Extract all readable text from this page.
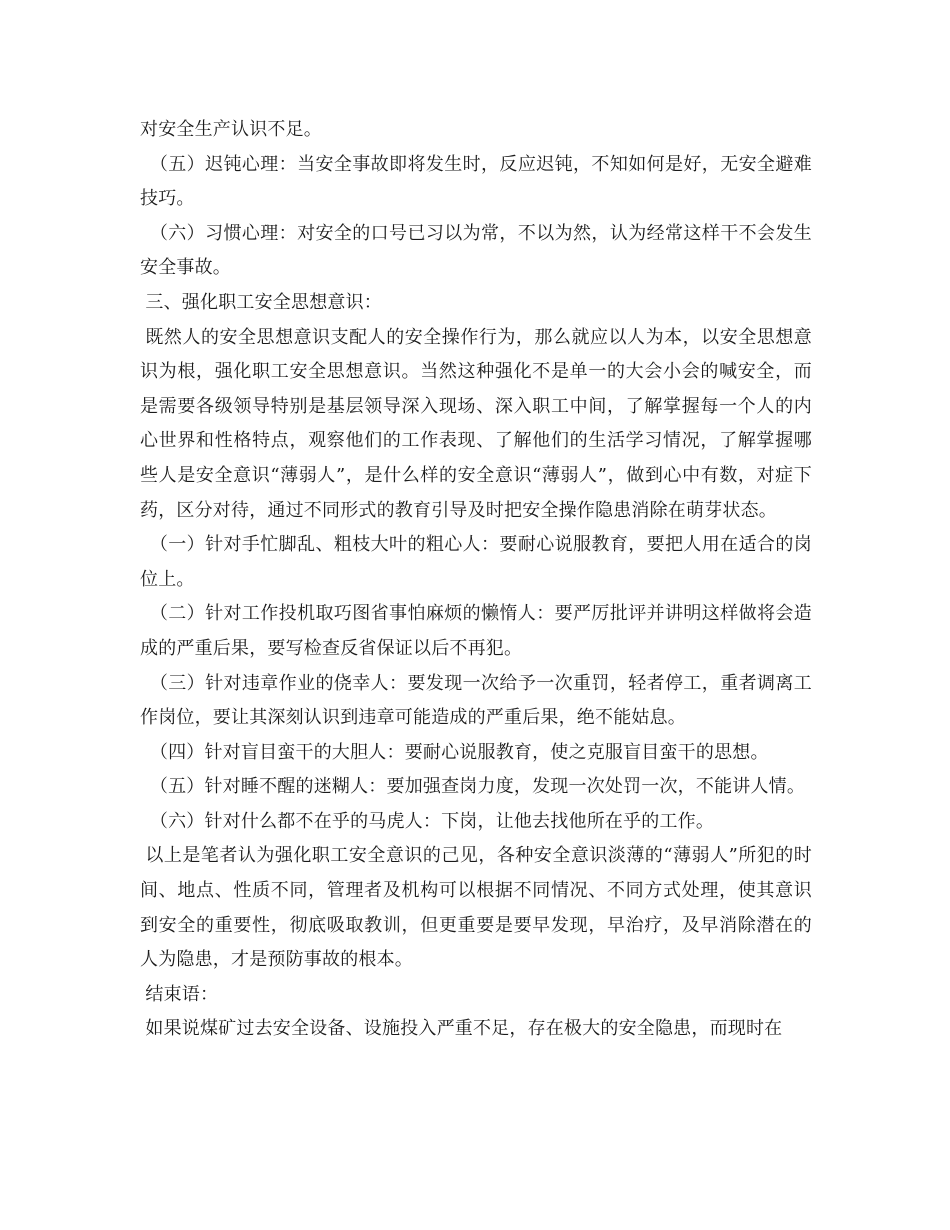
对安全生产认识不足。

（五）迟钝心理：当安全事故即将发生时，反应迟钝，不知如何是好，无安全避难技巧。

（六）习惯心理：对安全的口号已习以为常，不以为然，认为经常这样干不会发生安全事故。

三、强化职工安全思想意识：

既然人的安全思想意识支配人的安全操作行为，那么就应以人为本，以安全思想意识为根，强化职工安全思想意识。当然这种强化不是单一的大会小会的喊安全，而是需要各级领导特别是基层领导深入现场、深入职工中间，了解掌握每一个人的内心世界和性格特点，观察他们的工作表现、了解他们的生活学习情况，了解掌握哪些人是安全意识“薄弱人”，是什么样的安全意识“薄弱人”，做到心中有数，对症下药，区分对待，通过不同形式的教育引导及时把安全操作隐患消除在萌芽状态。

（一）针对手忙脚乱、粗枝大叶的粗心人：要耐心说服教育，要把人用在适合的岗位上。

（二）针对工作投机取巧图省事怕麻烦的懒惰人：要严厉批评并讲明这样做将会造成的严重后果，要写检查反省保证以后不再犯。

（三）针对违章作业的侥幸人：要发现一次给予一次重罚，轻者停工，重者调离工作岗位，要让其深刻认识到违章可能造成的严重后果，绝不能姑息。

（四）针对盲目蛮干的大胆人：要耐心说服教育，使之克服盲目蛮干的思想。

（五）针对睡不醒的迷糊人：要加强查岗力度，发现一次处罚一次，不能讲人情。

（六）针对什么都不在乎的马虎人：下岗，让他去找他所在乎的工作。

以上是笔者认为强化职工安全意识的己见，各种安全意识淡薄的“薄弱人”所犯的时间、地点、性质不同，管理者及机构可以根据不同情况、不同方式处理，使其意识到安全的重要性，彻底吸取教训，但更重要是要早发现，早治疗，及早消除潜在的人为隐患，才是预防事故的根本。

结束语：

如果说煤矿过去安全设备、设施投入严重不足，存在极大的安全隐患，而现时在
